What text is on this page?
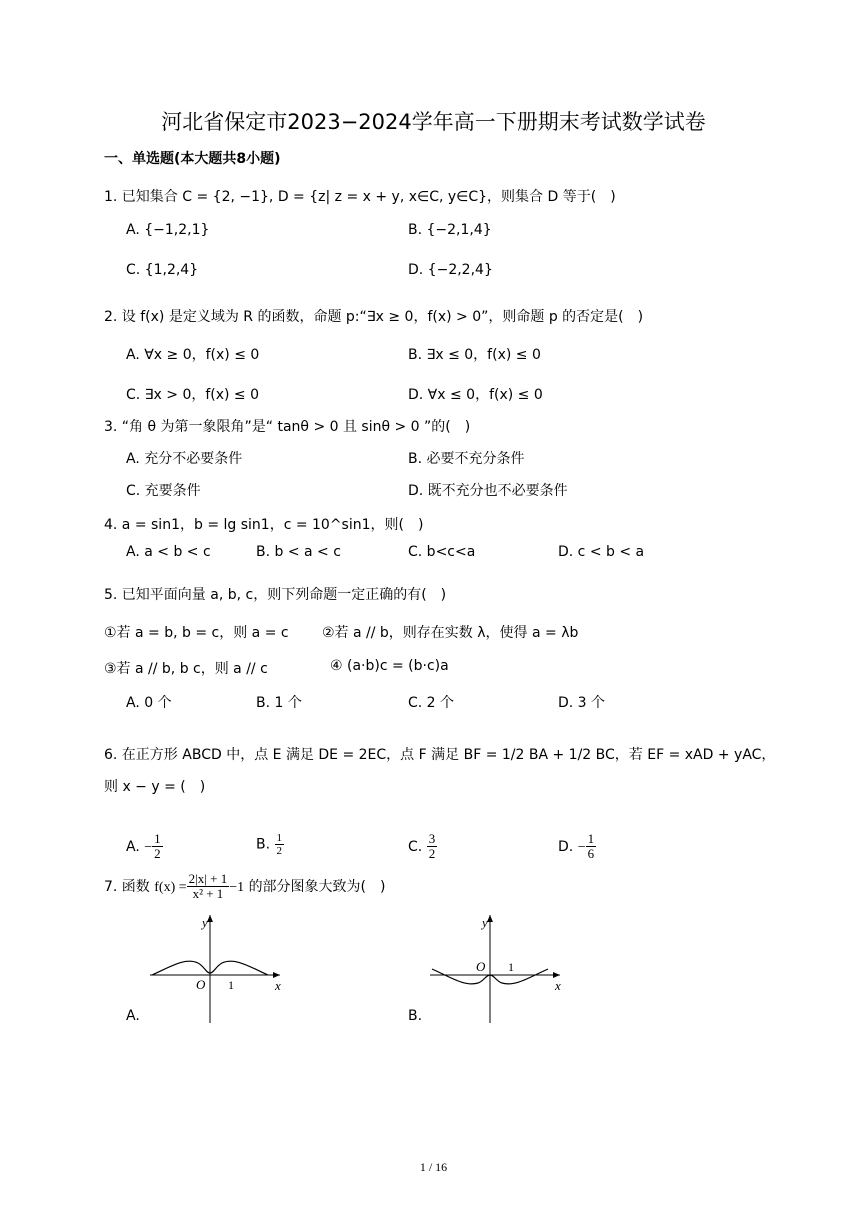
河北省保定市2023−2024学年高一下册期末考试数学试卷
一、单选题(本大题共8小题)
1. 已知集合 C = {2, −1}, D = {z| z = x + y, x∈C, y∈C}，则集合 D 等于(　)
A. {−1,2,1}	B. {−2,1,4}
C. {1,2,4}	D. {−2,2,4}
2. 设 f(x) 是定义域为 R 的函数，命题 p:“∃x ≥ 0，f(x) > 0”，则命题 p 的否定是(　)
A. ∀x ≥ 0，f(x) ≤ 0	B. ∃x ≤ 0，f(x) ≤ 0
C. ∃x > 0，f(x) ≤ 0	D. ∀x ≤ 0，f(x) ≤ 0
3. “角 θ 为第一象限角”是“ tanθ > 0 且 sinθ > 0 ”的(　)
A. 充分不必要条件	B. 必要不充分条件
C. 充要条件	D. 既不充分也不必要条件
4. a = sin1，b = lg sin1，c = 10^sin1，则(　)
A. a < b < c	B. b < a < c	C. b<c<a	D. c < b < a
5. 已知平面向量 a, b, c，则下列命题一定正确的有(　)
①若 a = b, b = c，则 a = c ②若 a // b，则存在实数 λ，使得 a = λb
③若 a // b, b c，则 a // c	④ (a·b)c = (b·c)a
A. 0 个	B. 1 个	C. 2 个	D. 3 个
6. 在正方形 ABCD 中，点 E 满足 DE = 2EC，点 F 满足 BF = 1/2 BA + 1/2 BC，若 EF = xAD + yAC，
则 x − y = (　)
A. − $\frac{1}{2}$	B. $\frac{1}{2}$	C. $\frac{3}{2}$	D. − $\frac{1}{6}$
7. 函数 $f(x) = \frac{2|x| + 1}{\text{x² + 1}} -1$ 的部分图象大致为(　)
y
x
O 1
A.
y
x
O 1
B.
1 / 16
